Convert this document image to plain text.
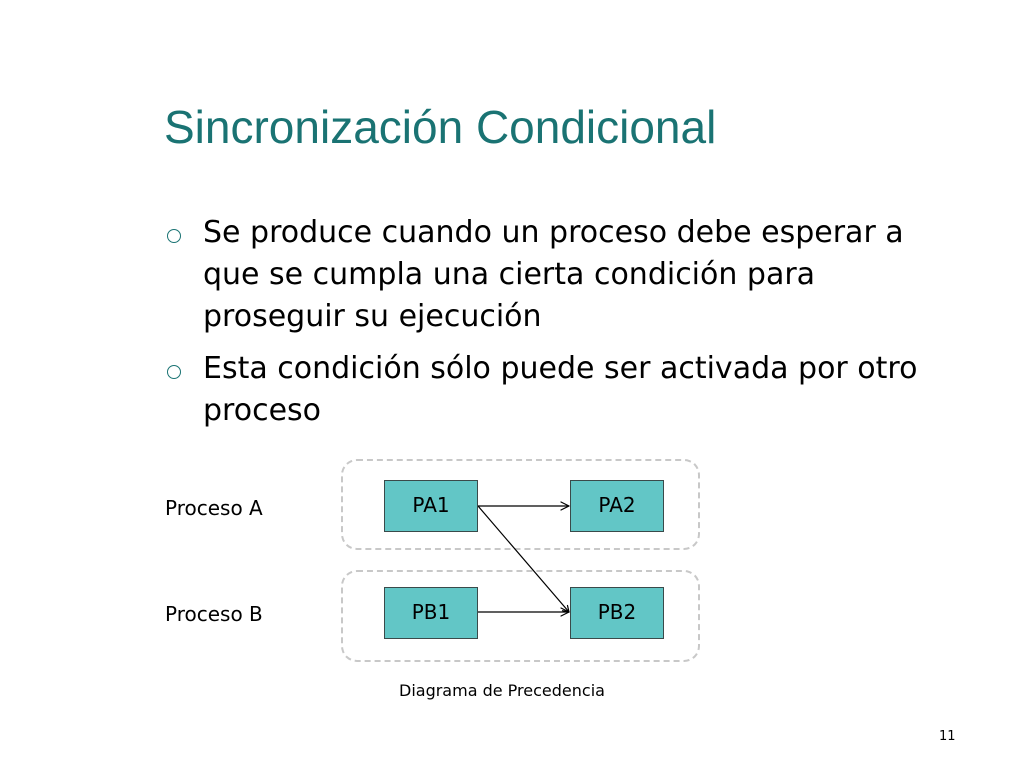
Sincronización Condicional
Se produce cuando un proceso debe esperar a que se cumpla una cierta condición para proseguir su ejecución
Esta condición sólo puede ser activada por otro proceso
Proceso A
Proceso B
PA1	PA2
PB1	PB2
Diagrama de Precedencia
11
